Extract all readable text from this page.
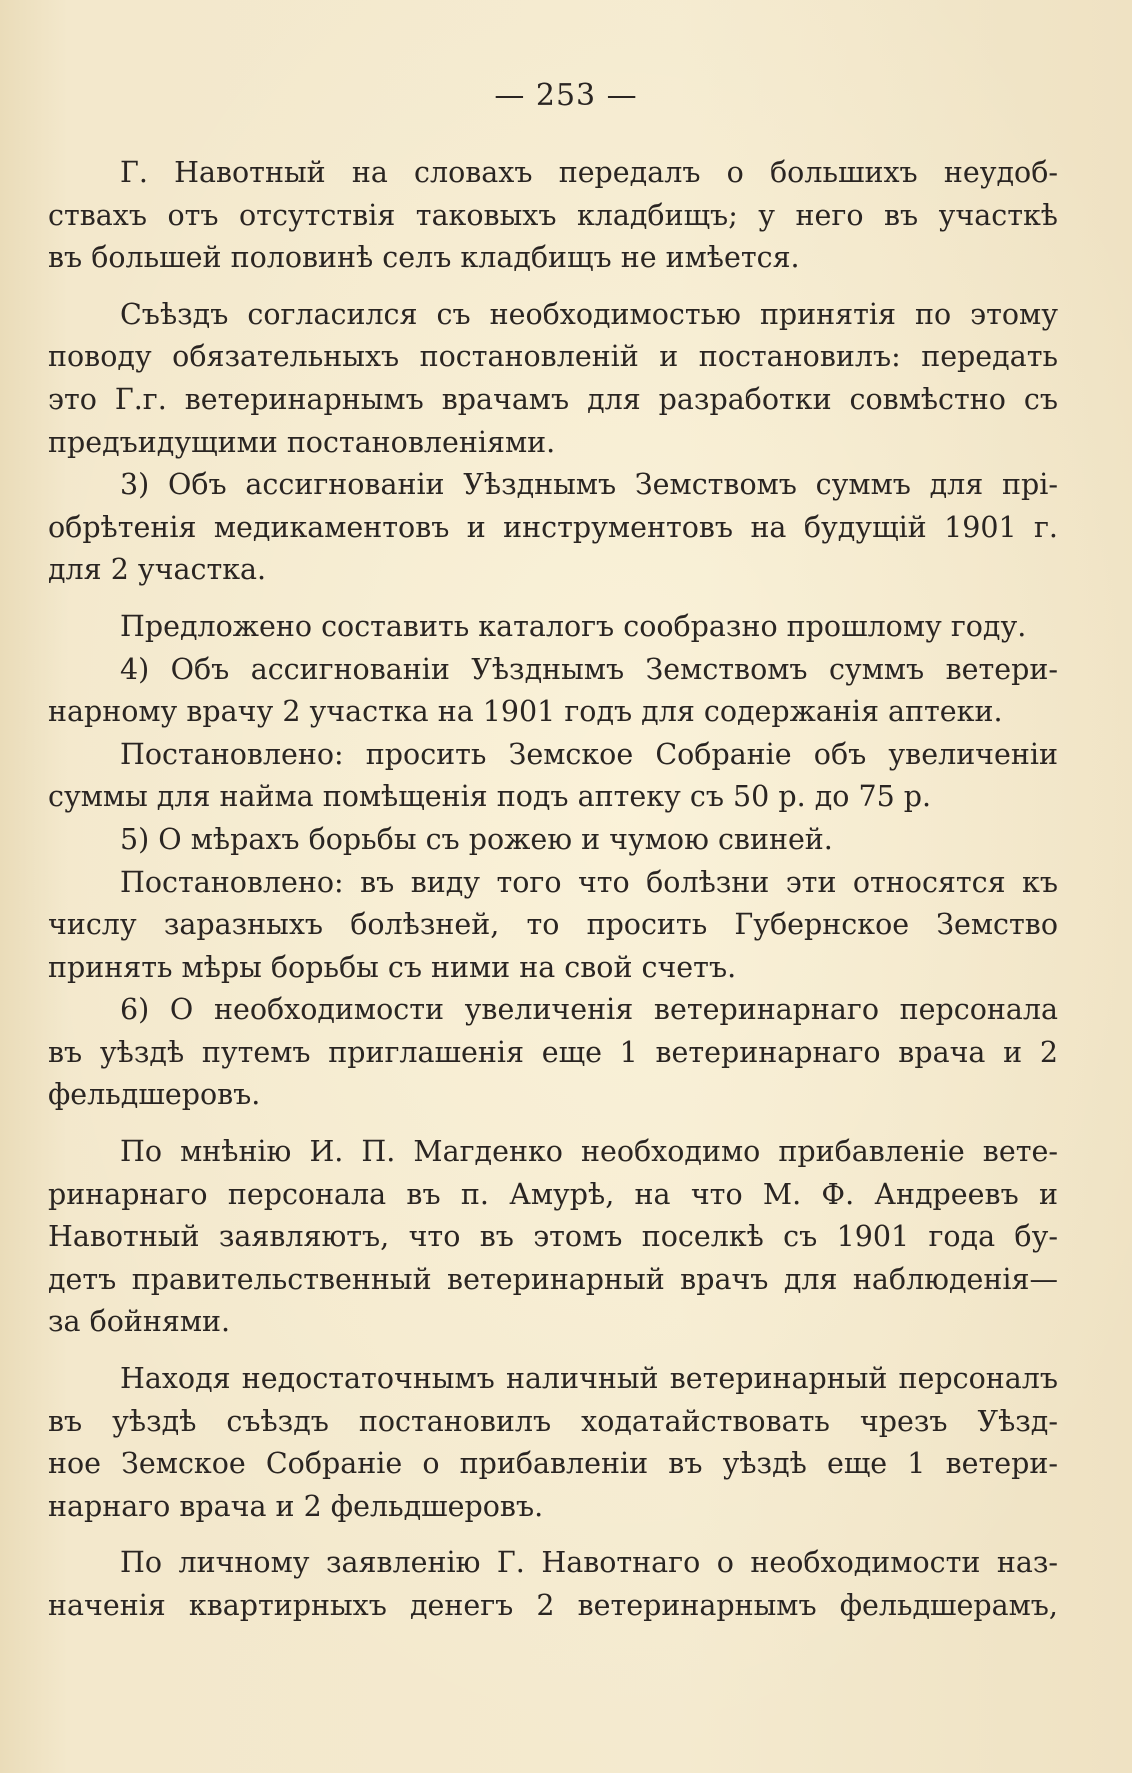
— 253 —
Г. Навотный на словахъ передалъ о большихъ неудоб-
ствахъ отъ отсутствія таковыхъ кладбищъ; у него въ участкѣ
въ большей половинѣ селъ кладбищъ не имѣется.
Съѣздъ согласился съ необходимостью принятія по этому
поводу обязательныхъ постановленій и постановилъ: передать
это Г.г. ветеринарнымъ врачамъ для разработки совмѣстно съ
предъидущими постановленіями.
3) Объ ассигнованіи Уѣзднымъ Земствомъ суммъ для прі-
обрѣтенія медикаментовъ и инструментовъ на будущій 1901 г.
для 2 участка.
Предложено составить каталогъ сообразно прошлому году.
4) Объ ассигнованіи Уѣзднымъ Земствомъ суммъ ветери-
нарному врачу 2 участка на 1901 годъ для содержанія аптеки.
Постановлено: просить Земское Собраніе объ увеличеніи
суммы для найма помѣщенія подъ аптеку съ 50 р. до 75 р.
5) О мѣрахъ борьбы съ рожею и чумою свиней.
Постановлено: въ виду того что болѣзни эти относятся къ
числу заразныхъ болѣзней, то просить Губернское Земство
принять мѣры борьбы съ ними на свой счетъ.
6) О необходимости увеличенія ветеринарнаго персонала
въ уѣздѣ путемъ приглашенія еще 1 ветеринарнаго врача и 2
фельдшеровъ.
По мнѣнію И. П. Магденко необходимо прибавленіе вете-
ринарнаго персонала въ п. Амурѣ, на что М. Ф. Андреевъ и
Навотный заявляютъ, что въ этомъ поселкѣ съ 1901 года бу-
детъ правительственный ветеринарный врачъ для наблюденія—
за бойнями.
Находя недостаточнымъ наличный ветеринарный персоналъ
въ уѣздѣ съѣздъ постановилъ ходатайствовать чрезъ Уѣзд-
ное Земское Собраніе о прибавленіи въ уѣздѣ еще 1 ветери-
нарнаго врача и 2 фельдшеровъ.
По личному заявленію Г. Навотнаго о необходимости наз-
наченія квартирныхъ денегъ 2 ветеринарнымъ фельдшерамъ,
